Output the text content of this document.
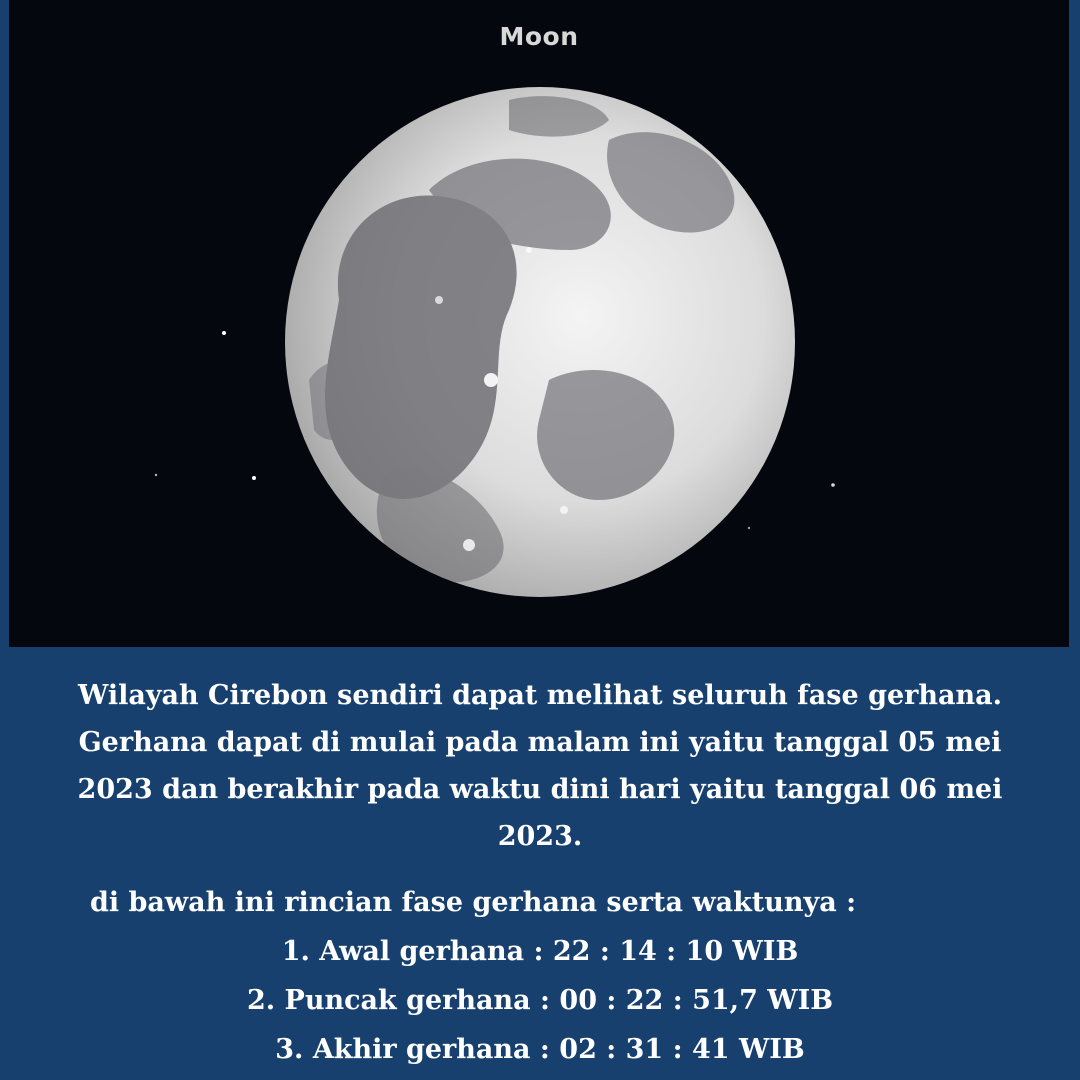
Moon
Wilayah Cirebon sendiri dapat melihat seluruh fase gerhana. Gerhana dapat di mulai pada malam ini yaitu tanggal 05 mei 2023 dan berakhir pada waktu dini hari yaitu tanggal 06 mei 2023.
di bawah ini rincian fase gerhana serta waktunya :
1. Awal gerhana : 22 : 14 : 10 WIB
2. Puncak gerhana : 00 : 22 : 51,7 WIB
3. Akhir gerhana : 02 : 31 : 41 WIB
